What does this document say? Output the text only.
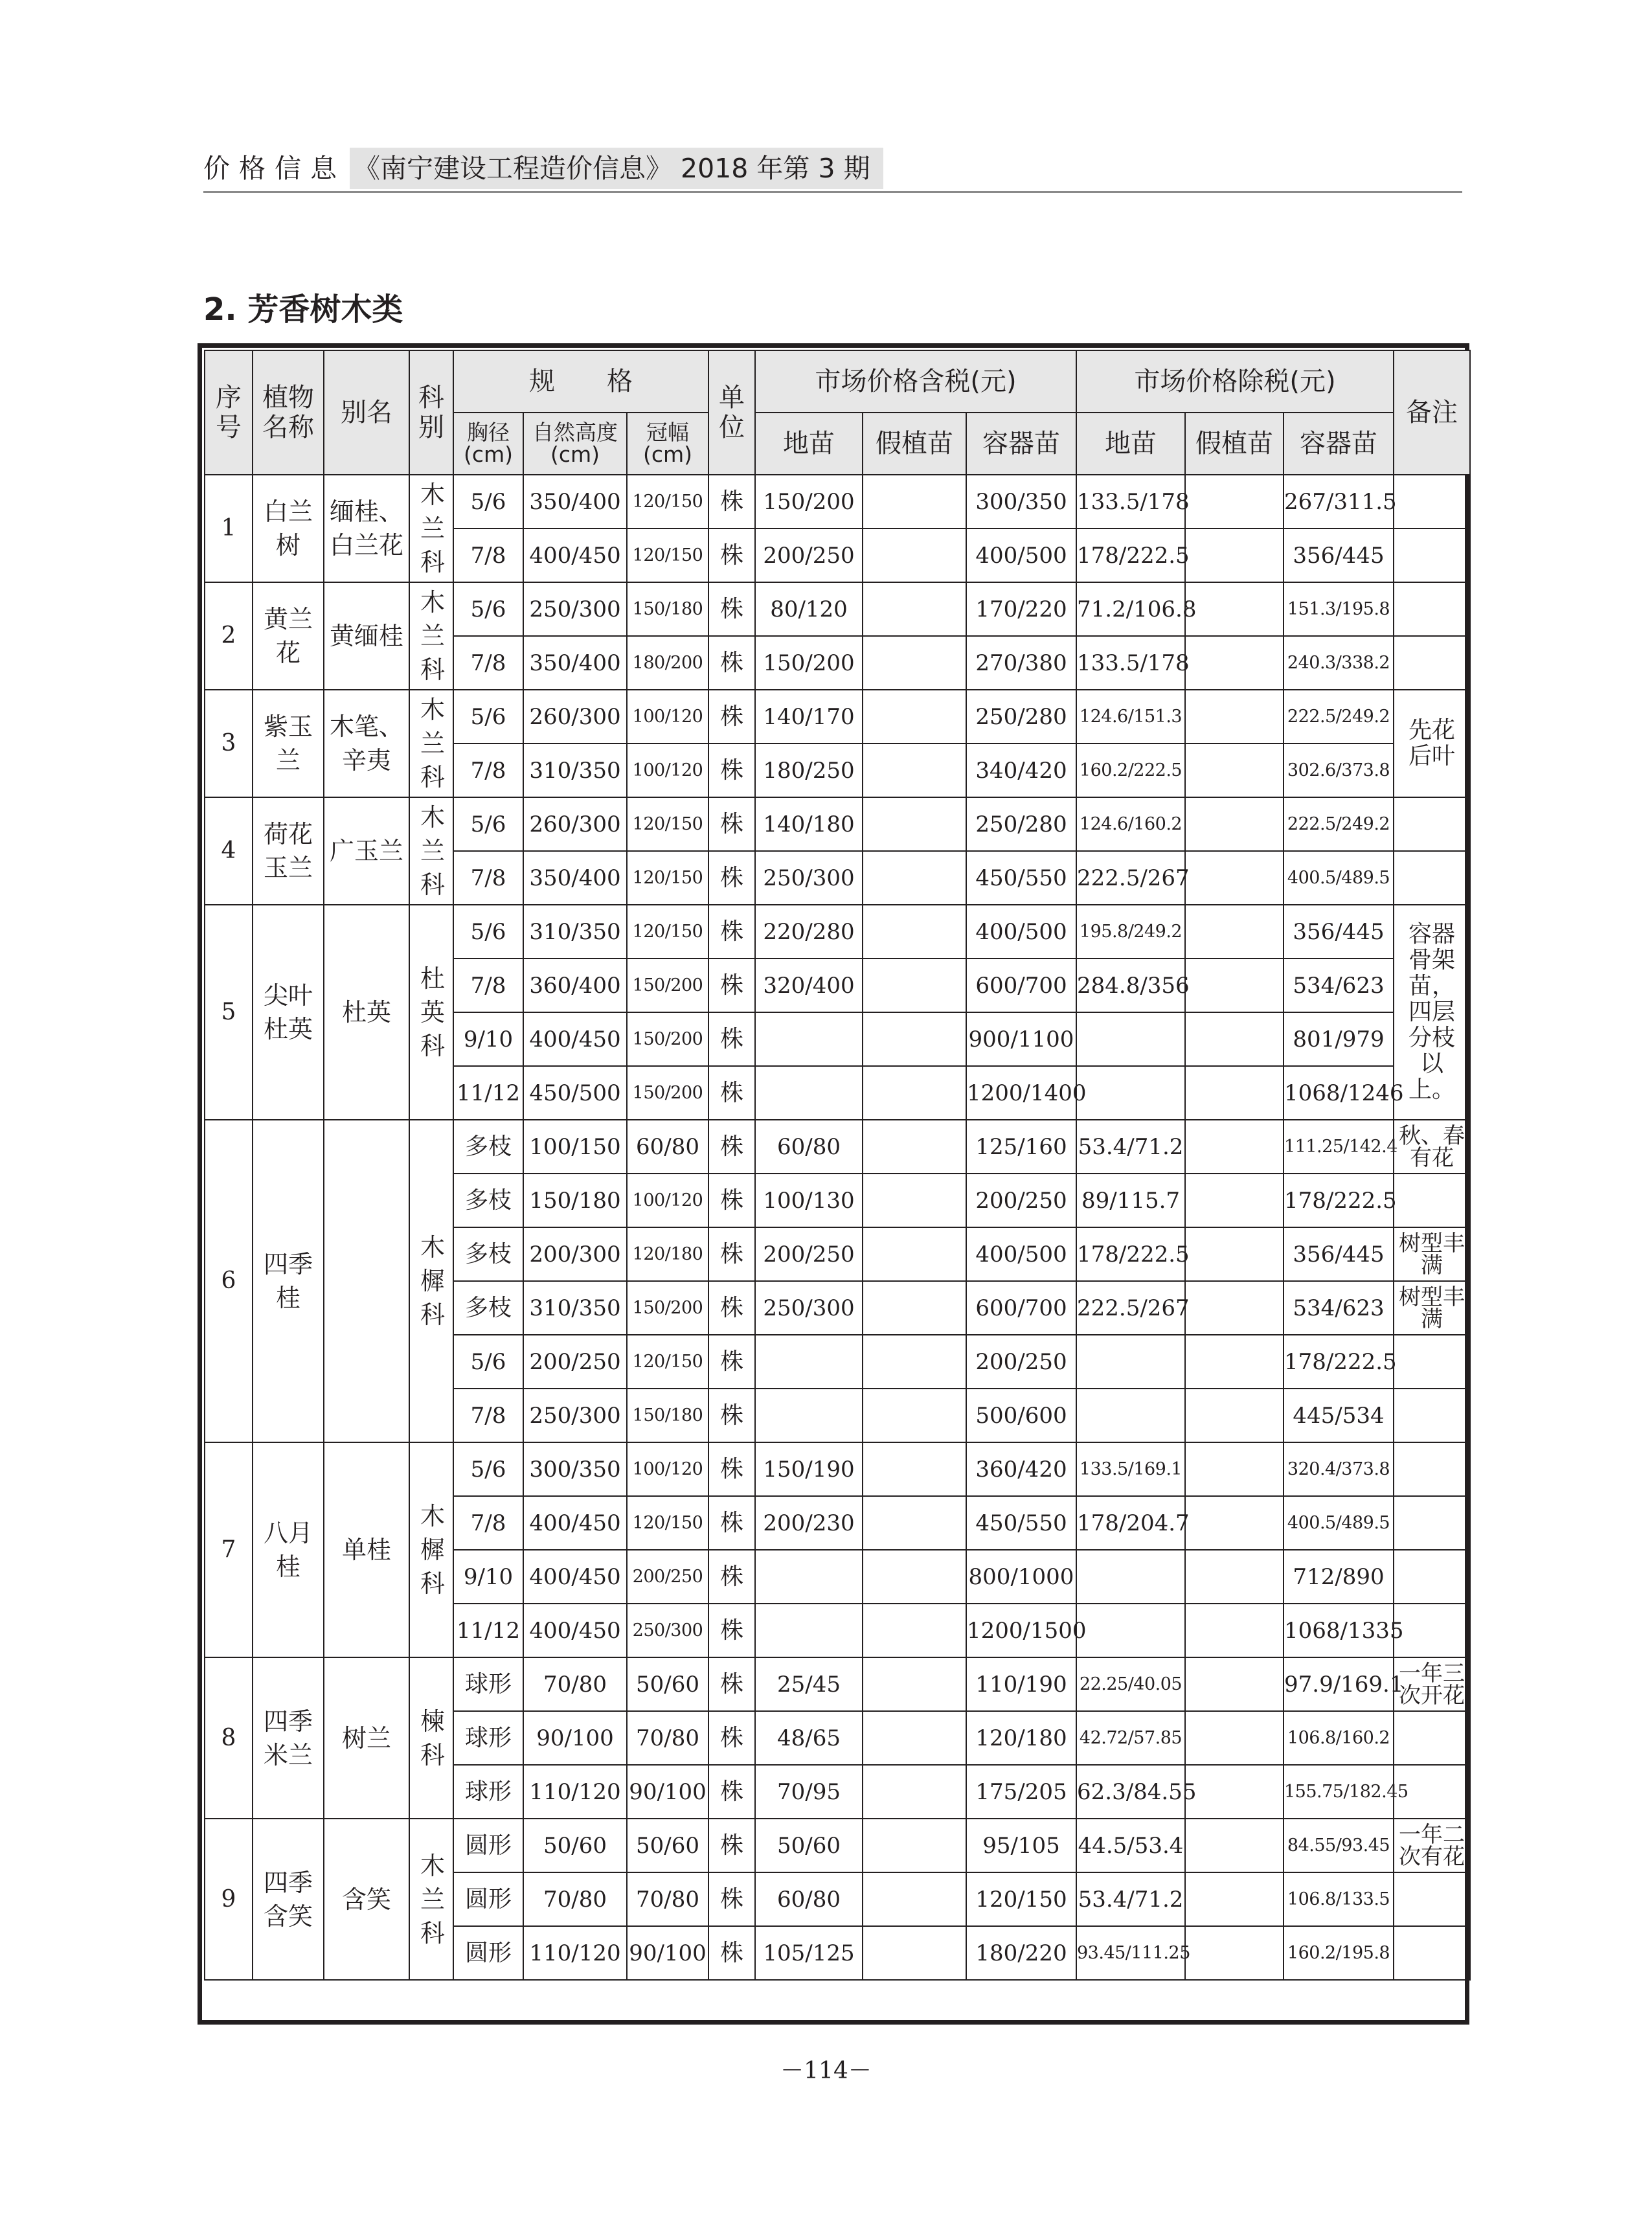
价格信息 《南宁建设工程造价信息》 2018 年第 3 期
2. 芳香树木类
序号	植物名称	别名	科别	规　　格			单位	市场价格含税(元)			市场价格除税(元)			备注
				胸径(cm)	自然高度(cm)	冠幅(cm)		地苗	假植苗	容器苗	地苗	假植苗	容器苗	
1	白兰树	缅桂、白兰花	木兰科	5/6	350/400	120/150	株	150/200		300/350	133.5/178		267/311.5	
				7/8	400/450	120/150	株	200/250		400/500	178/222.5		356/445	
2	黄兰花	黄缅桂	木兰科	5/6	250/300	150/180	株	80/120		170/220	71.2/106.8		151.3/195.8	
				7/8	350/400	180/200	株	150/200		270/380	133.5/178		240.3/338.2	
3	紫玉兰	木笔、辛夷	木兰科	5/6	260/300	100/120	株	140/170		250/280	124.6/151.3		222.5/249.2	先花后叶
				7/8	310/350	100/120	株	180/250		340/420	160.2/222.5		302.6/373.8	
4	荷花玉兰	广玉兰	木兰科	5/6	260/300	120/150	株	140/180		250/280	124.6/160.2		222.5/249.2	
				7/8	350/400	120/150	株	250/300		450/550	222.5/267		400.5/489.5	
5	尖叶杜英	杜英	杜英科	5/6	310/350	120/150	株	220/280		400/500	195.8/249.2		356/445	容器骨架苗，四层分枝以上。
				7/8	360/400	150/200	株	320/400		600/700	284.8/356		534/623	
				9/10	400/450	150/200	株			900/1100			801/979	
				11/12	450/500	150/200	株			1200/1400			1068/1246	
6	四季桂		木樨科	多枝	100/150	60/80	株	60/80		125/160	53.4/71.2		111.25/142.4	秋、春有花
				多枝	150/180	100/120	株	100/130		200/250	89/115.7		178/222.5	
				多枝	200/300	120/180	株	200/250		400/500	178/222.5		356/445	树型丰满
				多枝	310/350	150/200	株	250/300		600/700	222.5/267		534/623	树型丰满
				5/6	200/250	120/150	株			200/250			178/222.5	
				7/8	250/300	150/180	株			500/600			445/534	
7	八月桂	单桂	木樨科	5/6	300/350	100/120	株	150/190		360/420	133.5/169.1		320.4/373.8	
				7/8	400/450	120/150	株	200/230		450/550	178/204.7		400.5/489.5	
				9/10	400/450	200/250	株			800/1000			712/890	
				11/12	400/450	250/300	株			1200/1500			1068/1335	
8	四季米兰	树兰	楝科	球形	70/80	50/60	株	25/45		110/190	22.25/40.05		97.9/169.1	一年三次开花
				球形	90/100	70/80	株	48/65		120/180	42.72/57.85		106.8/160.2	
				球形	110/120	90/100	株	70/95		175/205	62.3/84.55		155.75/182.45	
9	四季含笑	含笑	木兰科	圆形	50/60	50/60	株	50/60		95/105	44.5/53.4		84.55/93.45	一年二次有花
				圆形	70/80	70/80	株	60/80		120/150	53.4/71.2		106.8/133.5	
				圆形	110/120	90/100	株	105/125		180/220	93.45/111.25		160.2/195.8	
－114－
